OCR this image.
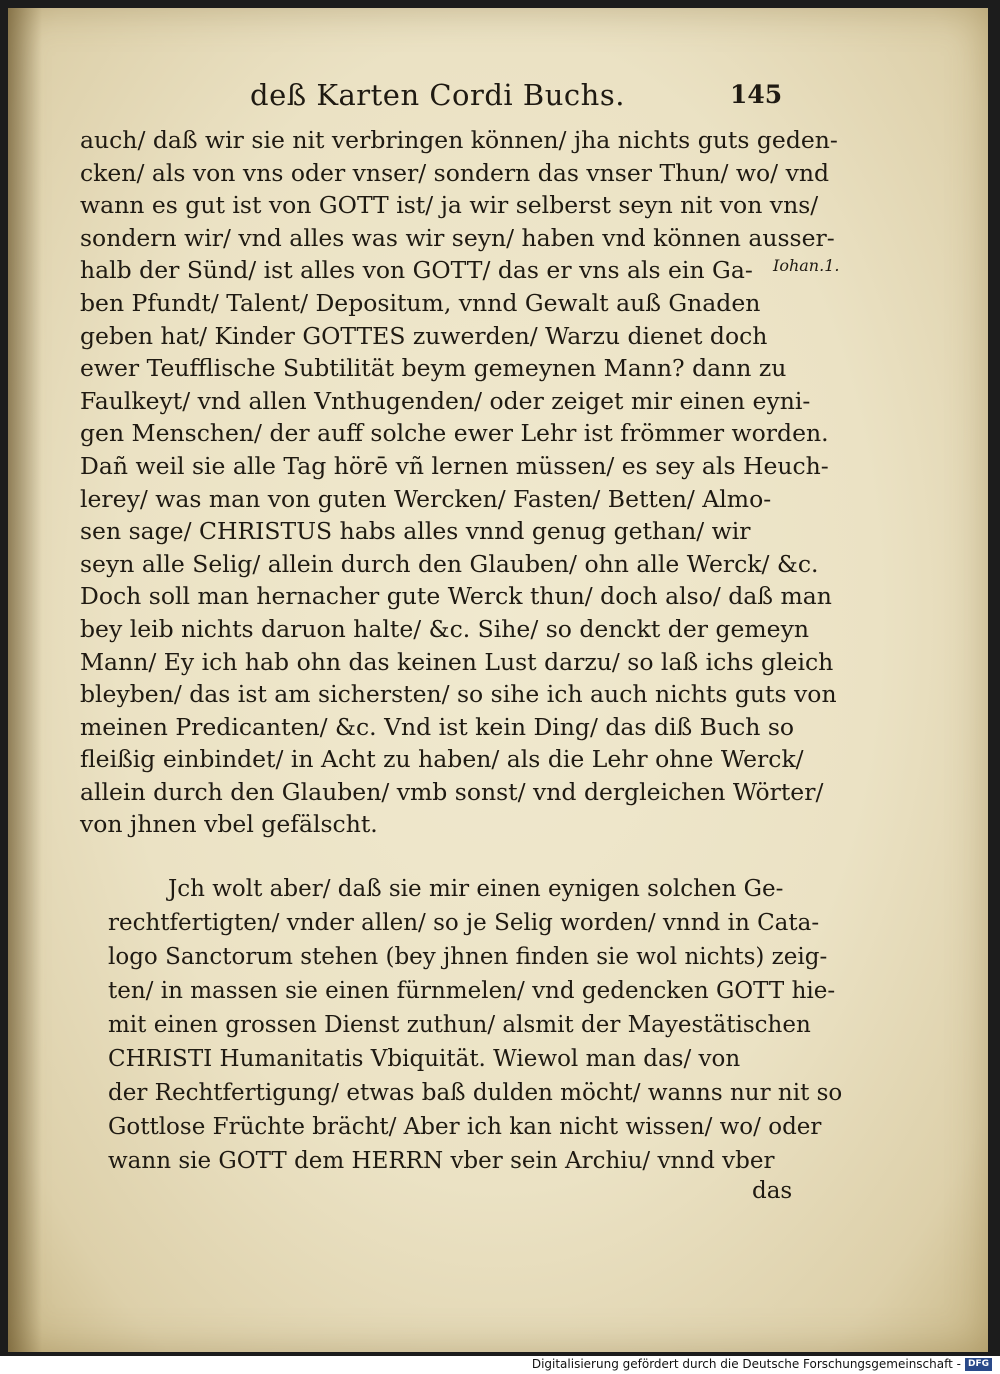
deß Karten Cordi Buchs.	145
Iohan.1.
auch/ daß wir sie nit verbringen können/ jha nichts guts geden-
cken/ als von vns oder vnser/ sondern das vnser Thun/ wo/ vnd
wann es gut ist von GOTT ist/ ja wir selberst seyn nit von vns/
sondern wir/ vnd alles was wir seyn/ haben vnd können ausser-
halb der Sünd/ ist alles von GOTT/ das er vns als ein Ga-
ben Pfundt/ Talent/ Depositum, vnnd Gewalt auß Gnaden
geben hat/ Kinder GOTTES zuwerden/ Warzu dienet doch
ewer Teufflische Subtilität beym gemeynen Mann? dann zu
Faulkeyt/ vnd allen Vnthugenden/ oder zeiget mir einen eyni-
gen Menschen/ der auff solche ewer Lehr ist frömmer worden.
Dañ weil sie alle Tag hörē vñ lernen müssen/ es sey als Heuch-
lerey/ was man von guten Wercken/ Fasten/ Betten/ Almo-
sen sage/ CHRISTUS habs alles vnnd genug gethan/ wir
seyn alle Selig/ allein durch den Glauben/ ohn alle Werck/ &c.
Doch soll man hernacher gute Werck thun/ doch also/ daß man
bey leib nichts daruon halte/ &c. Sihe/ so denckt der gemeyn
Mann/ Ey ich hab ohn das keinen Lust darzu/ so laß ichs gleich
bleyben/ das ist am sichersten/ so sihe ich auch nichts guts von
meinen Predicanten/ &c. Vnd ist kein Ding/ das diß Buch so
fleißig einbindet/ in Acht zu haben/ als die Lehr ohne Werck/
allein durch den Glauben/ vmb sonst/ vnd dergleichen Wörter/
von jhnen vbel gefälscht.
Jch wolt aber/ daß sie mir einen eynigen solchen Ge-
rechtfertigten/ vnder allen/ so je Selig worden/ vnnd in Cata-
logo Sanctorum stehen (bey jhnen finden sie wol nichts) zeig-
ten/ in massen sie einen fürnmelen/ vnd gedencken GOTT hie-
mit einen grossen Dienst zuthun/ alsmit der Mayestätischen
CHRISTI Humanitatis Vbiquität. Wiewol man das/ von
der Rechtfertigung/ etwas baß dulden möcht/ wanns nur nit so
Gottlose Früchte brächt/ Aber ich kan nicht wissen/ wo/ oder
wann sie GOTT dem HERRN vber sein Archiu/ vnnd vber
das
Digitalisierung gefördert durch die Deutsche Forschungsgemeinschaft - DFG
